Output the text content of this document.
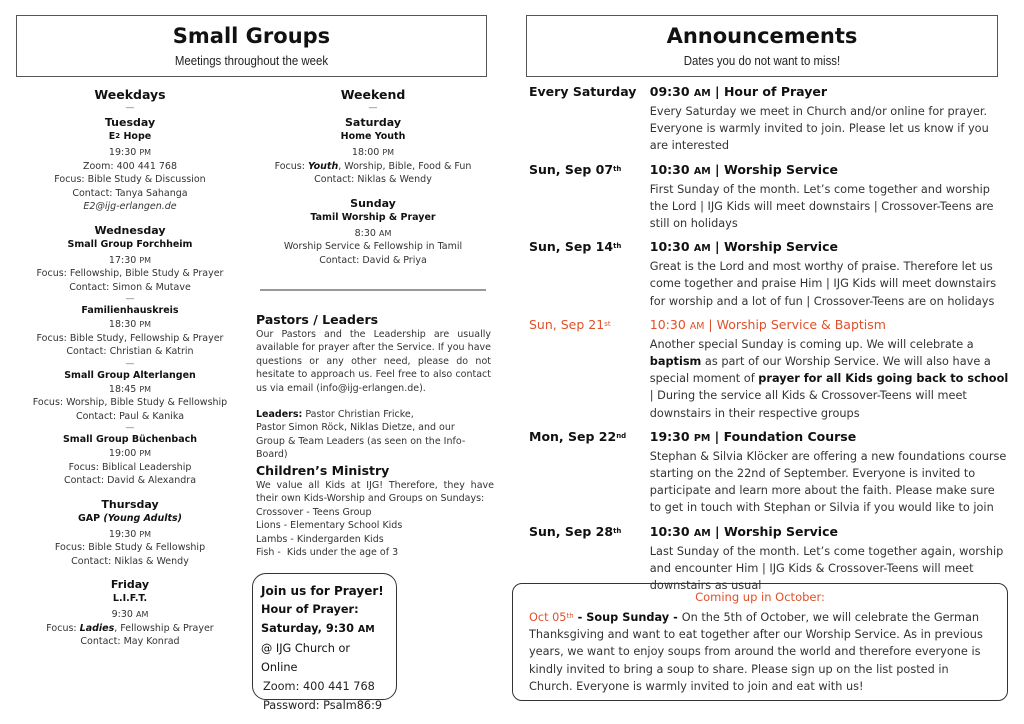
Small Groups
Meetings throughout the week
Announcements
Dates you do not want to miss!
Weekdays
—
Tuesday
$E^2$ Hope
19:30 PM
Zoom: 400 441 768
Focus: Bible Study & Discussion
Contact: Tanya Sahanga
E2@ijg-erlangen.de
Wednesday
Small Group Forchheim
17:30 PM
Focus: Fellowship, Bible Study & Prayer
Contact: Simon & Mutave
—
Familienhauskreis
18:30 PM
Focus: Bible Study, Fellowship & Prayer
Contact: Christian & Katrin
—
Small Group Alterlangen
18:45 PM
Focus: Worship, Bible Study & Fellowship
Contact: Paul & Kanika
—
Small Group Büchenbach
19:00 PM
Focus: Biblical Leadership
Contact: David & Alexandra
Thursday
GAP (Young Adults)
19:30 PM
Focus: Bible Study & Fellowship
Contact: Niklas & Wendy
Friday
L.I.F.T.
9:30 AM
Focus: Ladies, Fellowship & Prayer
Contact: May Konrad
Weekend
—
Saturday
Home Youth
18:00 PM
Focus: Youth, Worship, Bible, Food & Fun
Contact: Niklas & Wendy
Sunday
Tamil Worship & Prayer
8:30 AM
Worship Service & Fellowship in Tamil
Contact: David & Priya
Pastors / Leaders
Our Pastors and the Leadership are usually available for prayer after the Service. If you have questions or any other need, please do not hesitate to approach us. Feel free to also contact us via email (info@ijg-erlangen.de).
Leaders: Pastor Christian Fricke,
Pastor Simon Röck, Niklas Dietze, and our
Group & Team Leaders (as seen on the Info-Board)
Children’s Ministry
We value all Kids at IJG! Therefore, they have their own Kids-Worship and Groups on Sundays:
Crossover - Teens Group
Lions - Elementary School Kids
Lambs - Kindergarden Kids
Fish -  Kids under the age of 3
Join us for Prayer!
Hour of Prayer:
Saturday, 9:30 AM
@ IJG Church or Online
Zoom: 400 441 768
Password: Psalm86:9
Every Saturday	09:30 AM | Hour of Prayer
Every Saturday we meet in Church and/or online for prayer. Everyone is warmly invited to join. Please let us know if you are interested
Sun, Sep 07th	10:30 AM | Worship Service
First Sunday of the month. Let’s come together and worship the Lord | IJG Kids will meet downstairs | Crossover-Teens are still on holidays
Sun, Sep 14th	10:30 AM | Worship Service
Great is the Lord and most worthy of praise. Therefore let us come together and praise Him | IJG Kids will meet downstairs for worship and a lot of fun | Crossover-Teens are on holidays
Sun, Sep 21st	10:30 AM | Worship Service & Baptism
Another special Sunday is coming up. We will celebrate a baptism as part of our Worship Service. We will also have a special moment of prayer for all Kids going back to school | During the service all Kids & Crossover-Teens will meet downstairs in their respective groups
Mon, Sep 22nd	19:30 PM | Foundation Course
Stephan & Silvia Klöcker are offering a new foundations course starting on the 22nd of September. Everyone is invited to participate and learn more about the faith. Please make sure to get in touch with Stephan or Silvia if you would like to join
Sun, Sep 28th	10:30 AM | Worship Service
Last Sunday of the month. Let’s come together again, worship and encounter Him | IJG Kids & Crossover-Teens will meet downstairs as usual
Coming up in October:
Oct 05th - Soup Sunday - On the 5th of October, we will celebrate the German Thanksgiving and want to eat together after our Worship Service. As in previous years, we want to enjoy soups from around the world and therefore everyone is kindly invited to bring a soup to share. Please sign up on the list posted in Church. Everyone is warmly invited to join and eat with us!
